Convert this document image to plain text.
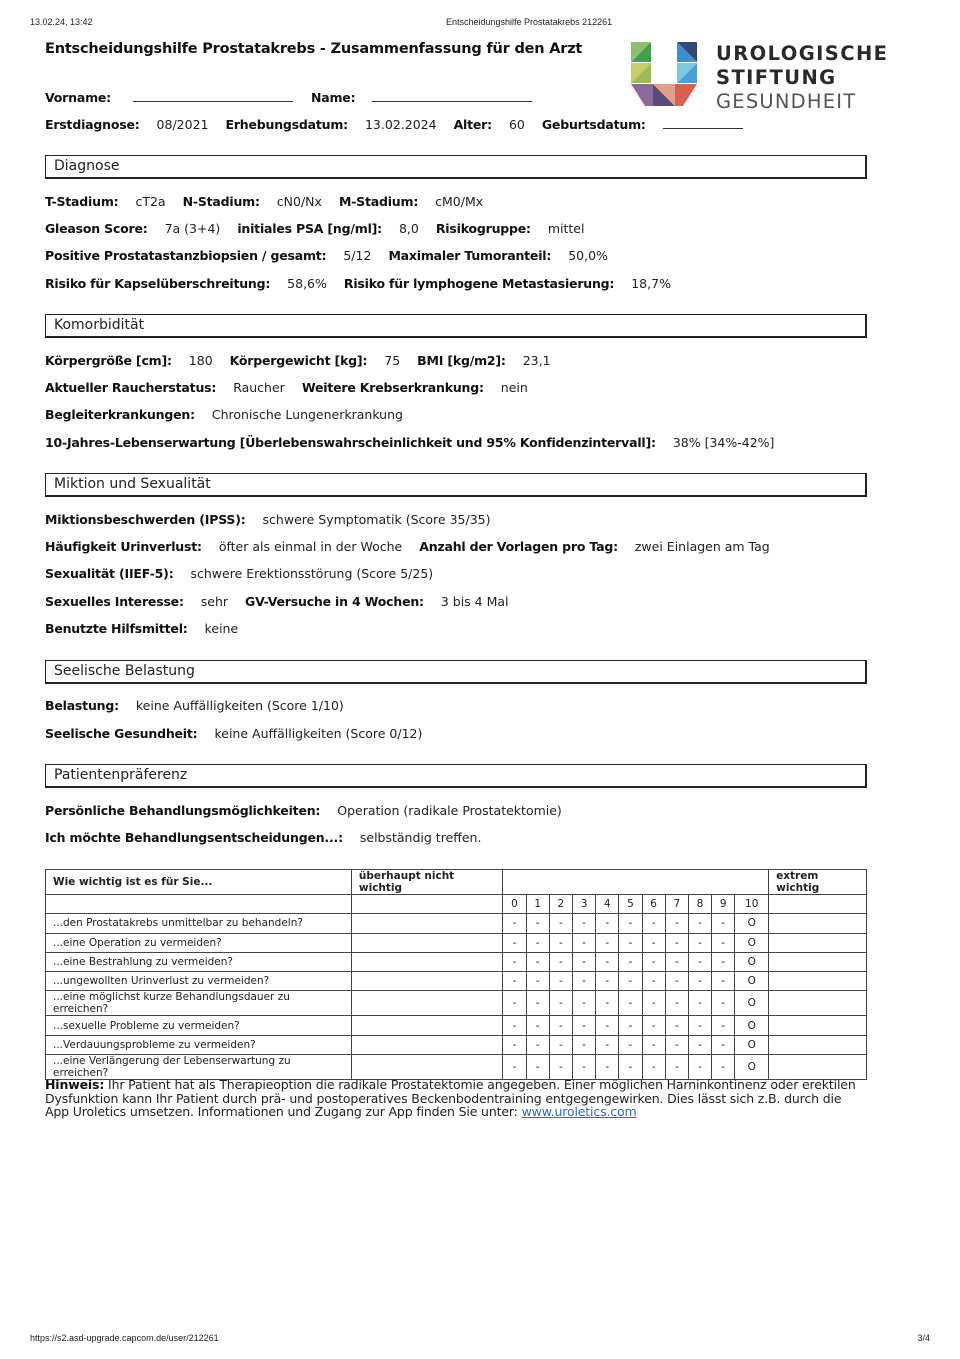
13.02.24, 13:42	Entscheidungshilfe Prostatakrebs 212261
https://s2.asd-upgrade.capcom.de/user/212261	3/4
Entscheidungshilfe Prostatakrebs - Zusammenfassung für den Arzt	UROLOGISCHE
STIFTUNG
GESUNDHEIT
Vorname:	Name:
Erstdiagnose: 08/2021 Erhebungsdatum: 13.02.2024 Alter: 60 Geburtsdatum:
Diagnose
T-Stadium: cT2a N-Stadium: cN0/Nx M-Stadium: cM0/Mx
Gleason Score: 7a (3+4) initiales PSA [ng/ml]: 8,0 Risikogruppe: mittel
Positive Prostatastanzbiopsien / gesamt: 5/12 Maximaler Tumoranteil: 50,0%
Risiko für Kapselüberschreitung: 58,6% Risiko für lymphogene Metastasierung: 18,7%
Komorbidität
Körpergröße [cm]: 180 Körpergewicht [kg]: 75 BMI [kg/m2]: 23,1
Aktueller Raucherstatus: Raucher Weitere Krebserkrankung: nein
Begleiterkrankungen: Chronische Lungenerkrankung
10-Jahres-Lebenserwartung [Überlebenswahrscheinlichkeit und 95% Konfidenzintervall]: 38% [34%-42%]
Miktion und Sexualität
Miktionsbeschwerden (IPSS): schwere Symptomatik (Score 35/35)
Häufigkeit Urinverlust: öfter als einmal in der Woche Anzahl der Vorlagen pro Tag: zwei Einlagen am Tag
Sexualität (IIEF-5): schwere Erektionsstörung (Score 5/25)
Sexuelles Interesse: sehr GV-Versuche in 4 Wochen: 3 bis 4 Mal
Benutzte Hilfsmittel: keine
Seelische Belastung
Belastung: keine Auffälligkeiten (Score 1/10)
Seelische Gesundheit: keine Auffälligkeiten (Score 0/12)
Patientenpräferenz
Persönliche Behandlungsmöglichkeiten: Operation (radikale Prostatektomie)
Ich möchte Behandlungsentscheidungen...: selbständig treffen.
Wie wichtig ist es für Sie...	überhaupt nicht wichtig												extrem wichtig
		0	1	2	3	4	5	6	7	8	9	10	
...den Prostatakrebs unmittelbar zu behandeln?		-	-	-	-	-	-	-	-	-	-	O	
...eine Operation zu vermeiden?		-	-	-	-	-	-	-	-	-	-	O	
...eine Bestrahlung zu vermeiden?		-	-	-	-	-	-	-	-	-	-	O	
...ungewollten Urinverlust zu vermeiden?		-	-	-	-	-	-	-	-	-	-	O	
...eine möglichst kurze Behandlungsdauer zu erreichen?		-	-	-	-	-	-	-	-	-	-	O	
...sexuelle Probleme zu vermeiden?		-	-	-	-	-	-	-	-	-	-	O	
...Verdauungsprobleme zu vermeiden?		-	-	-	-	-	-	-	-	-	-	O	
...eine Verlängerung der Lebenserwartung zu erreichen?		-	-	-	-	-	-	-	-	-	-	O	
Hinweis: Ihr Patient hat als Therapieoption die radikale Prostatektomie angegeben. Einer möglichen Harninkontinenz oder erektilen Dysfunktion kann Ihr Patient durch prä- und postoperatives Beckenbodentraining entgegengewirken. Dies lässt sich z.B. durch die App Uroletics umsetzen. Informationen und Zugang zur App finden Sie unter: www.uroletics.com
